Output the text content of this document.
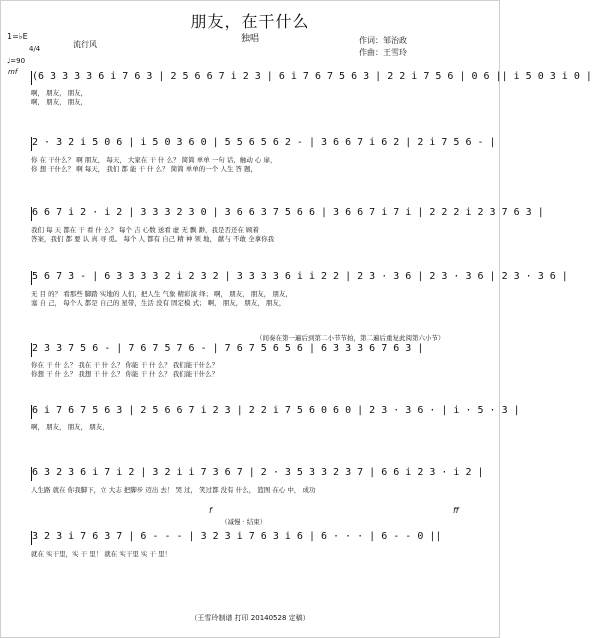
朋友，在干什么
独唱	作词：邹治政
作曲：王雪玲
1=♭E
4/4	流行风
♩=90
mf (6 3 3 3 3 6 i 7 6 3 | 2 5 6 6 7 i 2 3 | 6 i 7 6 7 5 6 3 | 2 2 i 7 5 6 | 0 6 || i 5 0 3 i 0 |
啊， 朋友， 朋友，
啊， 朋友， 朋友，
2 · 3 2 i 5 0 6 | i 5 0 3 6 0 | 5 5 6 5 6 2 - | 3 6 6 7 i 6 2 | 2 i 7 5 6 - |
你 在 干什么？ 啊 朋友， 每天， 大家在 干 什 么？ 简简 单单 一句 话，触动 心 扉，
你 想 干什么？ 啊 每天， 我们 都 能 干 什 么？ 简简 单单的一个 人生 答 题，
6 6 7 i 2 · i 2 | 3 3 3 2 3 0 | 3 6 6 3 7 5 6 6 | 3 6 6 7 i 7 i | 2 2 2 i 2 3 7 6 3 |
我们 每 天 都在 干 看 什 么？ 每个 吉 心数 送看 虚 无 飘 渺，我是否还在 顾着
答案，我们 都 要 认 真 寻 觅。 每个 人 都有 自己 精 神 领 地， 献与 不敢 全拿你我
5 6 7 3 - | 6 3 3 3 3 2 i 2 3 2 | 3 3 3 3 6 i i 2 2 | 2 3 · 3 6 | 2 3 · 3 6 | 2 3 · 3 6 |
无 目 的？ 看那些 脚踏 实地的 人们，把人生 气象 精彩演 绎； 啊， 朋友， 朋友， 朋友，
塞 自 己， 每个人 都是 自己的 星带，生活 没有 固定模 式； 啊， 朋友， 朋友， 朋友，
（间奏在第一遍后到第二小节节拍，第二遍后重复此阅第六小节）
2 3 3 7 5 6 - | 7 6 7 5 7 6 - | 7 6 7 5 6 5 6 | 6 3 3 3 6 7 6 3 |
你在 干 什 么？ 我在 干 什 么？ 你能 干 什 么？ 我们能干什么？
你想 干 什 么？ 我想 干 什 么？ 你能 干 什 么？ 我们能干什么？
6 i 7 6 7 5 6 3 | 2 5 6 6 7 i 2 3 | 2 2 i 7 5 6 0 6 0 | 2 3 · 3 6 · | i · 5 · 3 |
啊， 朋友， 朋友， 朋友，
6 3 2 3 6 i 7 i 2 | 3 2 i i 7 3 6 7 | 2 · 3 5 3 3 2 3 7 | 6 6 i 2 3 · i 2 |
人生路 就在 你我脚下，立 大志 把脚步 迈出 去！ 哭 过， 笑过都 没有 什么， 篮图 在心 中， 成功
f
（减慢 · 结束）
ff
3 2 3 i 7 6 3 7 | 6 - - - | 3 2 3 i 7 6 3 i 6 | 6 · · · | 6 - - 0 ||
就在 实干里，实 干 里！ 就在 实干里 实 干 里！
（王雪玲制谱 打印 20140528 定稿）
